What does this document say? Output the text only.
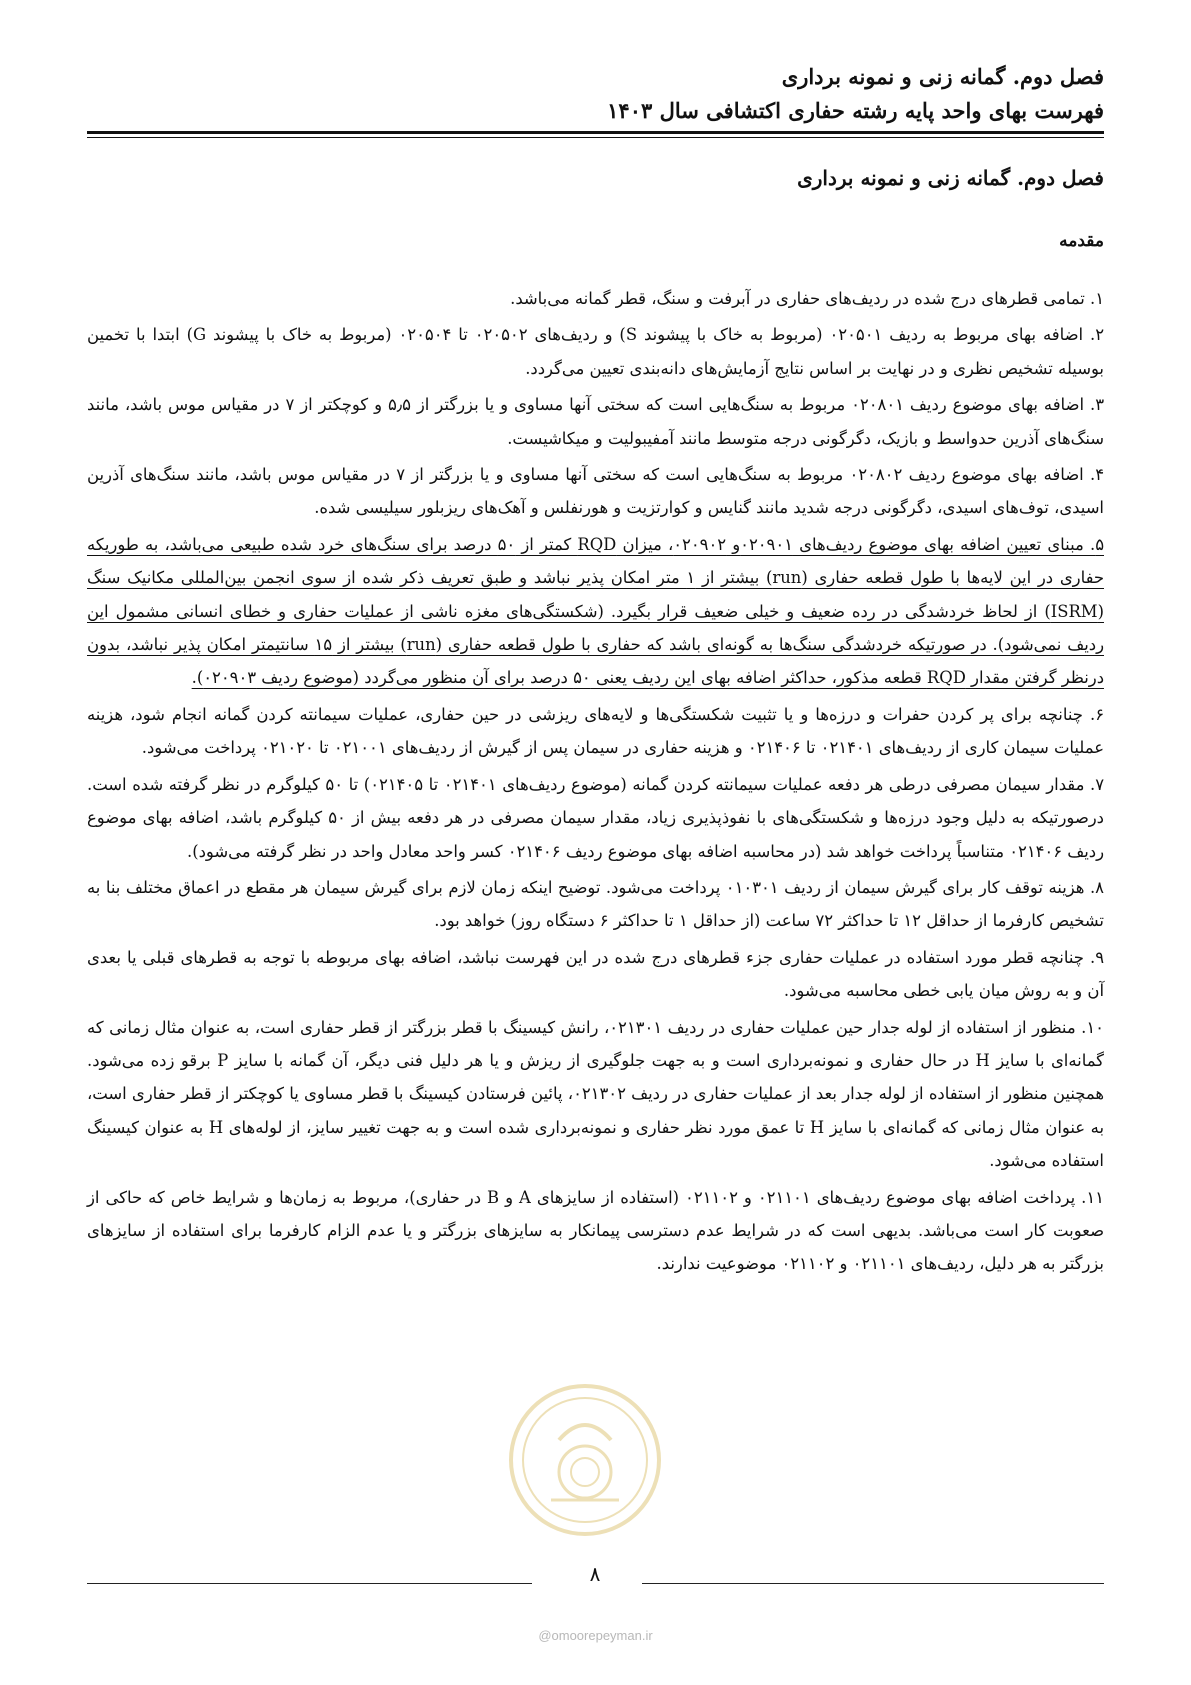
فصل دوم. گمانه زنی و نمونه برداری

فهرست بهای واحد پایه رشته حفاری اکتشافی سال ۱۴۰۳

فصل دوم. گمانه زنی و نمونه برداری
مقدمه

۱. تمامی قطرهای درج شده در ردیف‌های حفاری در آبرفت و سنگ، قطر گمانه می‌باشد.

۲. اضافه بهای مربوط به ردیف ۰۲۰۵۰۱ (مربوط به خاک با پیشوند S) و ردیف‌های ۰۲۰۵۰۲ تا ۰۲۰۵۰۴ (مربوط به خاک با پیشوند G) ابتدا با تخمین بوسیله تشخیص نظری و در نهایت بر اساس نتایج آزمایش‌های دانه‌بندی تعیین می‌گردد.

۳. اضافه بهای موضوع ردیف ۰۲۰۸۰۱ مربوط به سنگ‌هایی است که سختی آنها مساوی و یا بزرگتر از ۵٫۵ و کوچکتر از ۷ در مقیاس موس باشد، مانند سنگ‌های آذرین حدواسط و بازیک، دگرگونی درجه متوسط مانند آمفیبولیت و میکاشیست.

۴. اضافه بهای موضوع ردیف ۰۲۰۸۰۲ مربوط به سنگ‌هایی است که سختی آنها مساوی و یا بزرگتر از ۷ در مقیاس موس باشد، مانند سنگ‌های آذرین اسیدی، توف‌های اسیدی، دگرگونی درجه شدید مانند گنایس و کوارتزیت و هورنفلس و آهک‌های ریزبلور سیلیسی شده.

۵. مبنای تعیین اضافه بهای موضوع ردیف‌های ۰۲۰۹۰۱و ۰۲۰۹۰۲، میزان RQD کمتر از ۵۰ درصد برای سنگ‌های خرد شده طبیعی می‌باشد، به طوریکه حفاری در این لایه‌ها با طول قطعه حفاری (run) بیشتر از ۱ متر امکان پذیر نباشد و طبق تعریف ذکر شده از سوی انجمن بین‌المللی مکانیک سنگ (ISRM) از لحاظ خردشدگی در رده ضعیف و خیلی ضعیف قرار بگیرد. (شکستگی‌های مغزه ناشی از عملیات حفاری و خطای انسانی مشمول این ردیف نمی‌شود). در صورتیکه خردشدگی سنگ‌ها به گونه‌ای باشد که حفاری با طول قطعه حفاری (run) بیشتر از ۱۵ سانتیمتر امکان پذیر نباشد، بدون درنظر گرفتن مقدار RQD قطعه مذکور، حداکثر اضافه بهای این ردیف یعنی ۵۰ درصد برای آن منظور می‌گردد (موضوع ردیف ۰۲۰۹۰۳).

۶. چنانچه برای پر کردن حفرات و درزه‌ها و یا تثبیت شکستگی‌ها و لایه‌های ریزشی در حین حفاری، عملیات سیمانته کردن گمانه انجام شود، هزینه عملیات سیمان کاری از ردیف‌های ۰۲۱۴۰۱ تا ۰۲۱۴۰۶ و هزینه حفاری در سیمان پس از گیرش از ردیف‌های ۰۲۱۰۰۱ تا ۰۲۱۰۲۰ پرداخت می‌شود.

۷. مقدار سیمان مصرفی درطی هر دفعه عملیات سیمانته کردن گمانه (موضوع ردیف‌های ۰۲۱۴۰۱ تا ۰۲۱۴۰۵) تا ۵۰ کیلوگرم در نظر گرفته شده است. درصورتیکه به دلیل وجود درزه‌ها و شکستگی‌های با نفوذپذیری زیاد، مقدار سیمان مصرفی در هر دفعه بیش از ۵۰ کیلوگرم باشد، اضافه بهای موضوع ردیف ۰۲۱۴۰۶ متناسباً پرداخت خواهد شد (در محاسبه اضافه بهای موضوع ردیف ۰۲۱۴۰۶ کسر واحد معادل واحد در نظر گرفته می‌شود).

۸. هزینه توقف کار برای گیرش سیمان از ردیف ۰۱۰۳۰۱ پرداخت می‌شود. توضیح اینکه زمان لازم برای گیرش سیمان هر مقطع در اعماق مختلف بنا به تشخیص کارفرما از حداقل ۱۲ تا حداکثر ۷۲ ساعت (از حداقل ۱ تا حداکثر ۶ دستگاه روز) خواهد بود.

۹. چنانچه قطر مورد استفاده در عملیات حفاری جزء قطرهای درج شده در این فهرست نباشد، اضافه بهای مربوطه با توجه به قطرهای قبلی یا بعدی آن و به روش میان یابی خطی محاسبه می‌شود.

۱۰. منظور از استفاده از لوله جدار حین عملیات حفاری در ردیف ۰۲۱۳۰۱، رانش کیسینگ با قطر بزرگتر از قطر حفاری است، به عنوان مثال زمانی که گمانه‌ای با سایز H در حال حفاری و نمونه‌برداری است و به جهت جلوگیری از ریزش و یا هر دلیل فنی دیگر، آن گمانه با سایز P برقو زده می‌شود. همچنین منظور از استفاده از لوله جدار بعد از عملیات حفاری در ردیف ۰۲۱۳۰۲، پائین فرستادن کیسینگ با قطر مساوی یا کوچکتر از قطر حفاری است، به عنوان مثال زمانی که گمانه‌ای با سایز H تا عمق مورد نظر حفاری و نمونه‌برداری شده است و به جهت تغییر سایز، از لوله‌های H به عنوان کیسینگ استفاده می‌شود.

۱۱. پرداخت اضافه بهای موضوع ردیف‌های ۰۲۱۱۰۱ و ۰۲۱۱۰۲ (استفاده از سایزهای A و B در حفاری)، مربوط به زمان‌ها و شرایط خاص که حاکی از صعوبت کار است می‌باشد. بدیهی است که در شرایط عدم دسترسی پیمانکار به سایزهای بزرگتر و یا عدم الزام کارفرما برای استفاده از سایزهای بزرگتر به هر دلیل، ردیف‌های ۰۲۱۱۰۱ و ۰۲۱۱۰۲ موضوعیت ندارند.

۸
@omoorepeyman.ir
